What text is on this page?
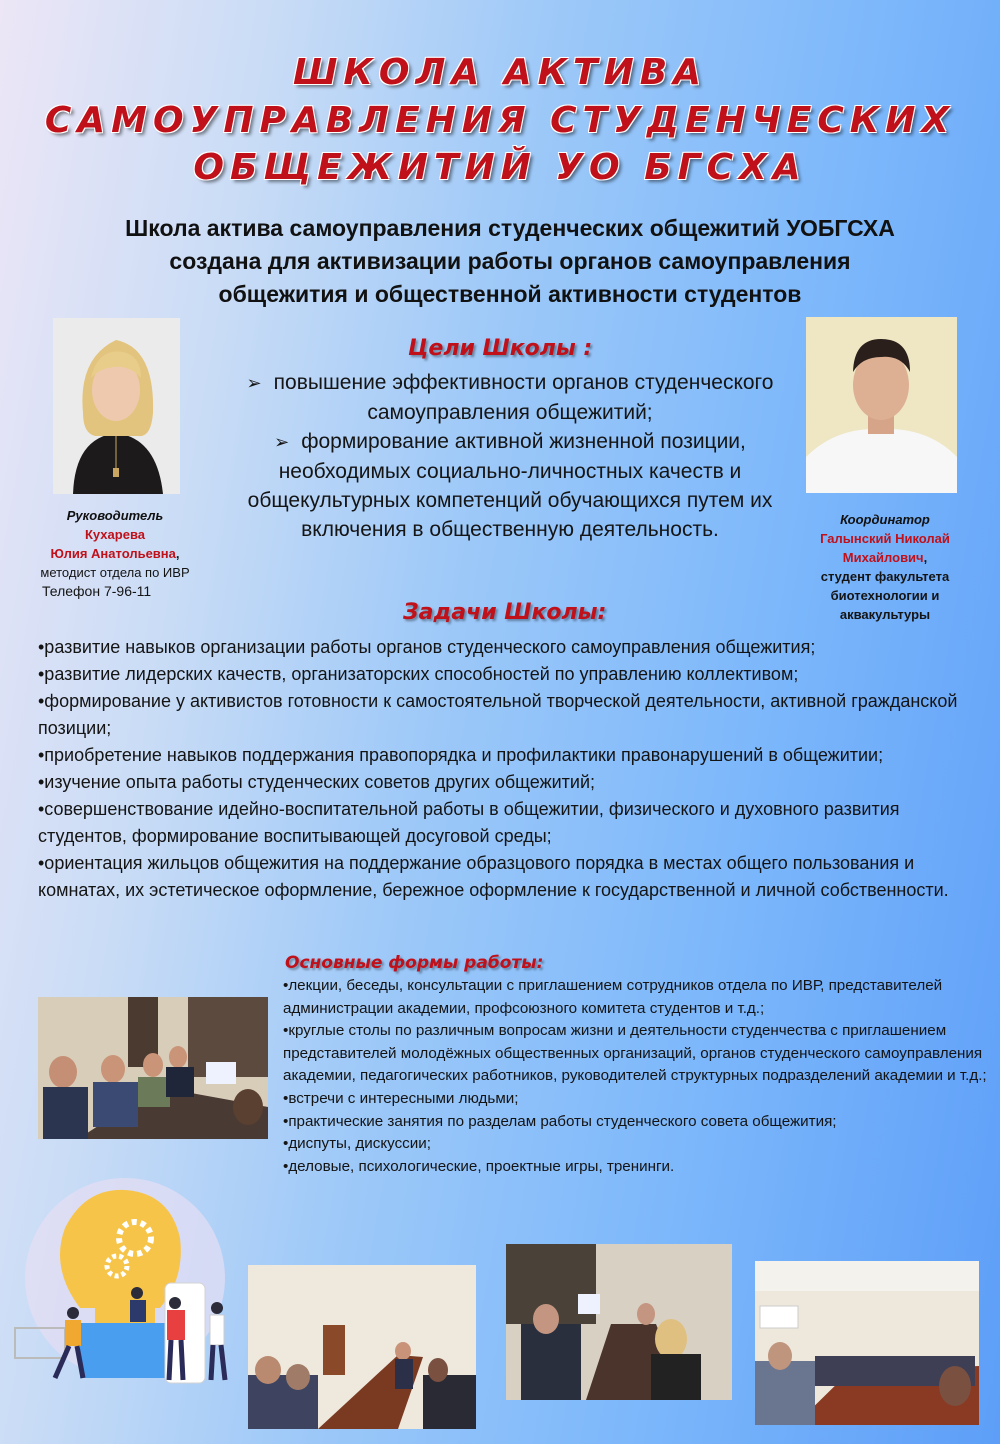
ШКОЛА АКТИВА
САМОУПРАВЛЕНИЯ СТУДЕНЧЕСКИХ
ОБЩЕЖИТИЙ УО БГСХА
Школа актива самоуправления студенческих общежитий УОБГСХА
создана для активизации работы органов самоуправления
общежития и общественной активности студентов
Руководитель
Кухарева
Юлия Анатольевна,
методист отдела по ИВР
Телефон 7-96-11
Координатор
Галынский Николай
Михайлович,
студент факультета
биотехнологии и
аквакультуры
Цели Школы :
➢ повышение эффективности органов студенческого
самоуправления общежитий;
➢ формирование активной жизненной позиции,
необходимых социально-личностных качеств и
общекультурных компетенций обучающихся путем их
включения в общественную деятельность.
Задачи Школы:
•развитие навыков организации работы органов студенческого самоуправления общежития;
•развитие лидерских качеств, организаторских способностей по управлению коллективом;
•формирование у активистов готовности к самостоятельной творческой деятельности, активной гражданской позиции;
•приобретение навыков поддержания правопорядка и профилактики правонарушений в общежитии;
•изучение опыта работы студенческих советов других общежитий;
•совершенствование идейно-воспитательной работы в общежитии, физического и духовного развития студентов, формирование воспитывающей досуговой среды;
•ориентация жильцов общежития на поддержание образцового порядка в местах общего пользования и комнатах, их эстетическое оформление, бережное оформление к государственной и личной собственности.
Основные формы работы:
•лекции, беседы, консультации с приглашением сотрудников отдела по ИВР, представителей администрации академии, профсоюзного комитета студентов и т.д.;
•круглые столы по различным вопросам жизни и деятельности студенчества с приглашением представителей молодёжных общественных организаций, органов студенческого самоуправления академии, педагогических работников, руководителей структурных подразделений академии и т.д.;
•встречи с интересными людьми;
•практические занятия по разделам работы студенческого совета общежития;
•диспуты, дискуссии;
•деловые, психологические, проектные игры, тренинги.
